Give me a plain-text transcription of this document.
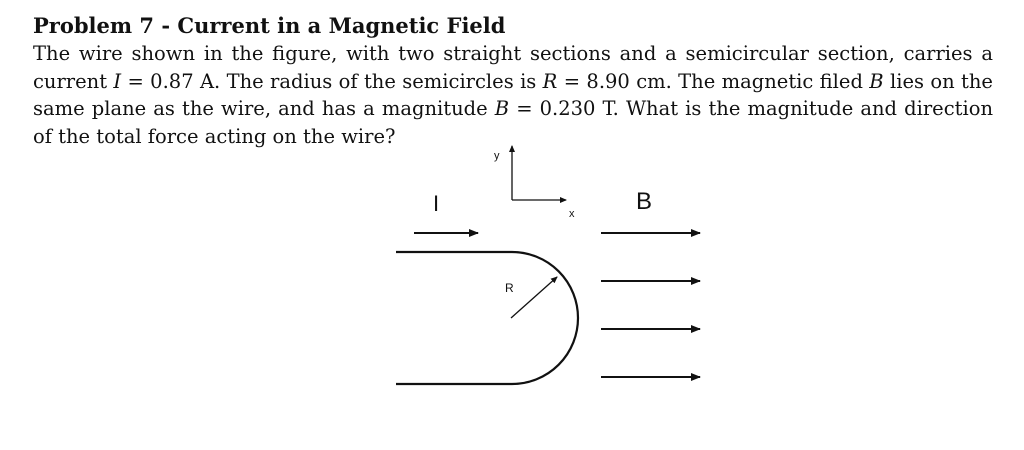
Problem 7 - Current in a Magnetic Field

The wire shown in the figure, with two straight sections and a semicircular section, carries a current I = 0.87 A. The radius of the semicircles is R = 8.90 cm. The magnetic filed B lies on the same plane as the wire, and has a magnitude B = 0.230 T. What is the magnitude and direction of the total force acting on the wire?

y
x
I
R
B
